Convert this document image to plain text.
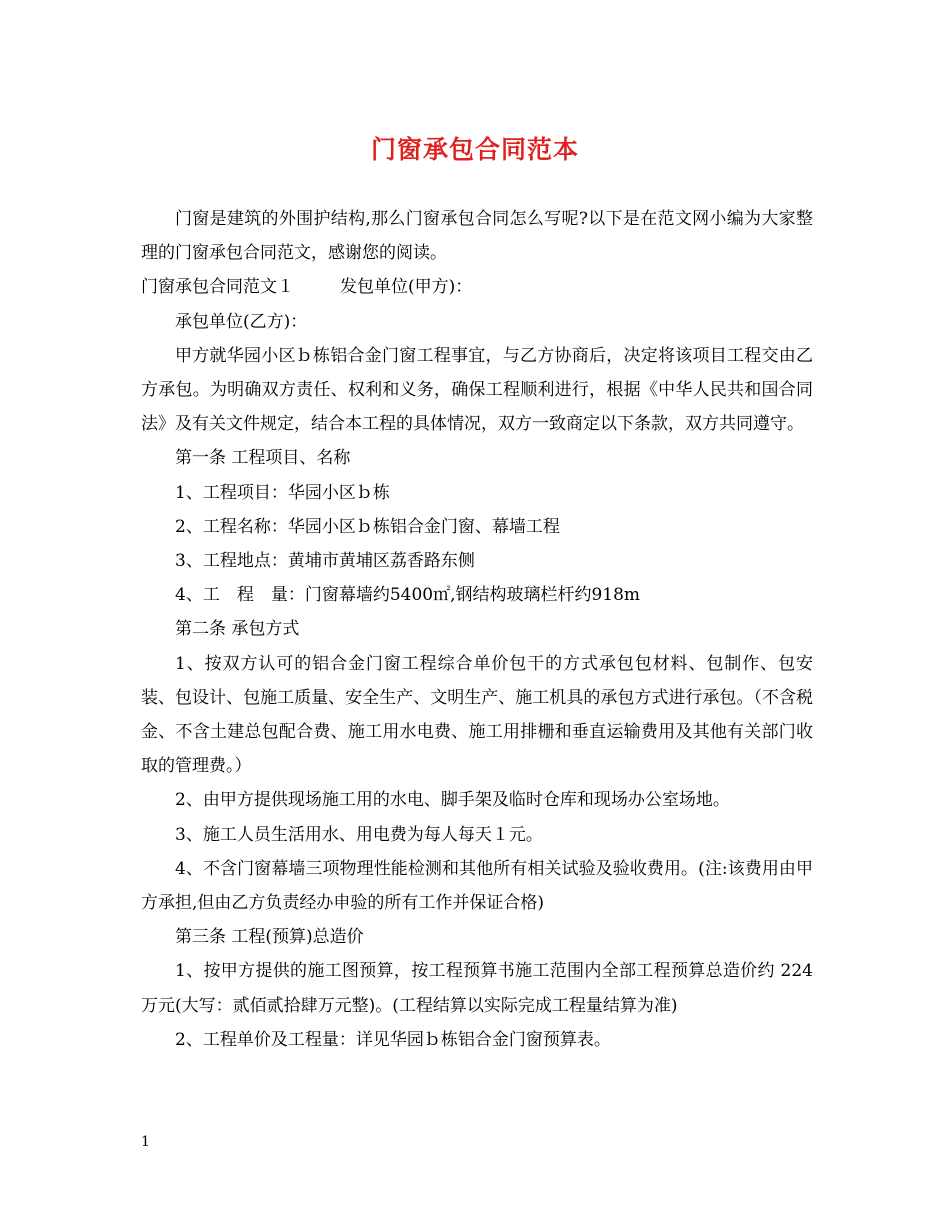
门窗承包合同范本

门窗是建筑的外围护结构,那么门窗承包合同怎么写呢?以下是在范文网小编为大家整理的门窗承包合同范文，感谢您的阅读。

门窗承包合同范文１	发包单位(甲方)：

承包单位(乙方)：

甲方就华园小区ｂ栋铝合金门窗工程事宜，与乙方协商后，决定将该项目工程交由乙方承包。为明确双方责任、权利和义务，确保工程顺利进行，根据《中华人民共和国合同法》及有关文件规定，结合本工程的具体情况，双方一致商定以下条款，双方共同遵守。

第一条 工程项目、名称

1、工程项目：华园小区ｂ栋

2、工程名称：华园小区ｂ栋铝合金门窗、幕墙工程

3、工程地点：黄埔市黄埔区荔香路东侧

4、工　程　量：门窗幕墙约5400㎡,钢结构玻璃栏杆约918m

第二条 承包方式

1、按双方认可的铝合金门窗工程综合单价包干的方式承包包材料、包制作、包安装、包设计、包施工质量、安全生产、文明生产、施工机具的承包方式进行承包。（不含税金、不含土建总包配合费、施工用水电费、施工用排栅和垂直运输费用及其他有关部门收取的管理费。）

2、由甲方提供现场施工用的水电、脚手架及临时仓库和现场办公室场地。

3、施工人员生活用水、用电费为每人每天１元。

4、不含门窗幕墙三项物理性能检测和其他所有相关试验及验收费用。(注:该费用由甲方承担,但由乙方负责经办申验的所有工作并保证合格)

第三条 工程(预算)总造价

1、按甲方提供的施工图预算，按工程预算书施工范围内全部工程预算总造价约 224万元(大写：贰佰贰拾肆万元整)。(工程结算以实际完成工程量结算为准)

2、工程单价及工程量：详见华园ｂ栋铝合金门窗预算表。

1
